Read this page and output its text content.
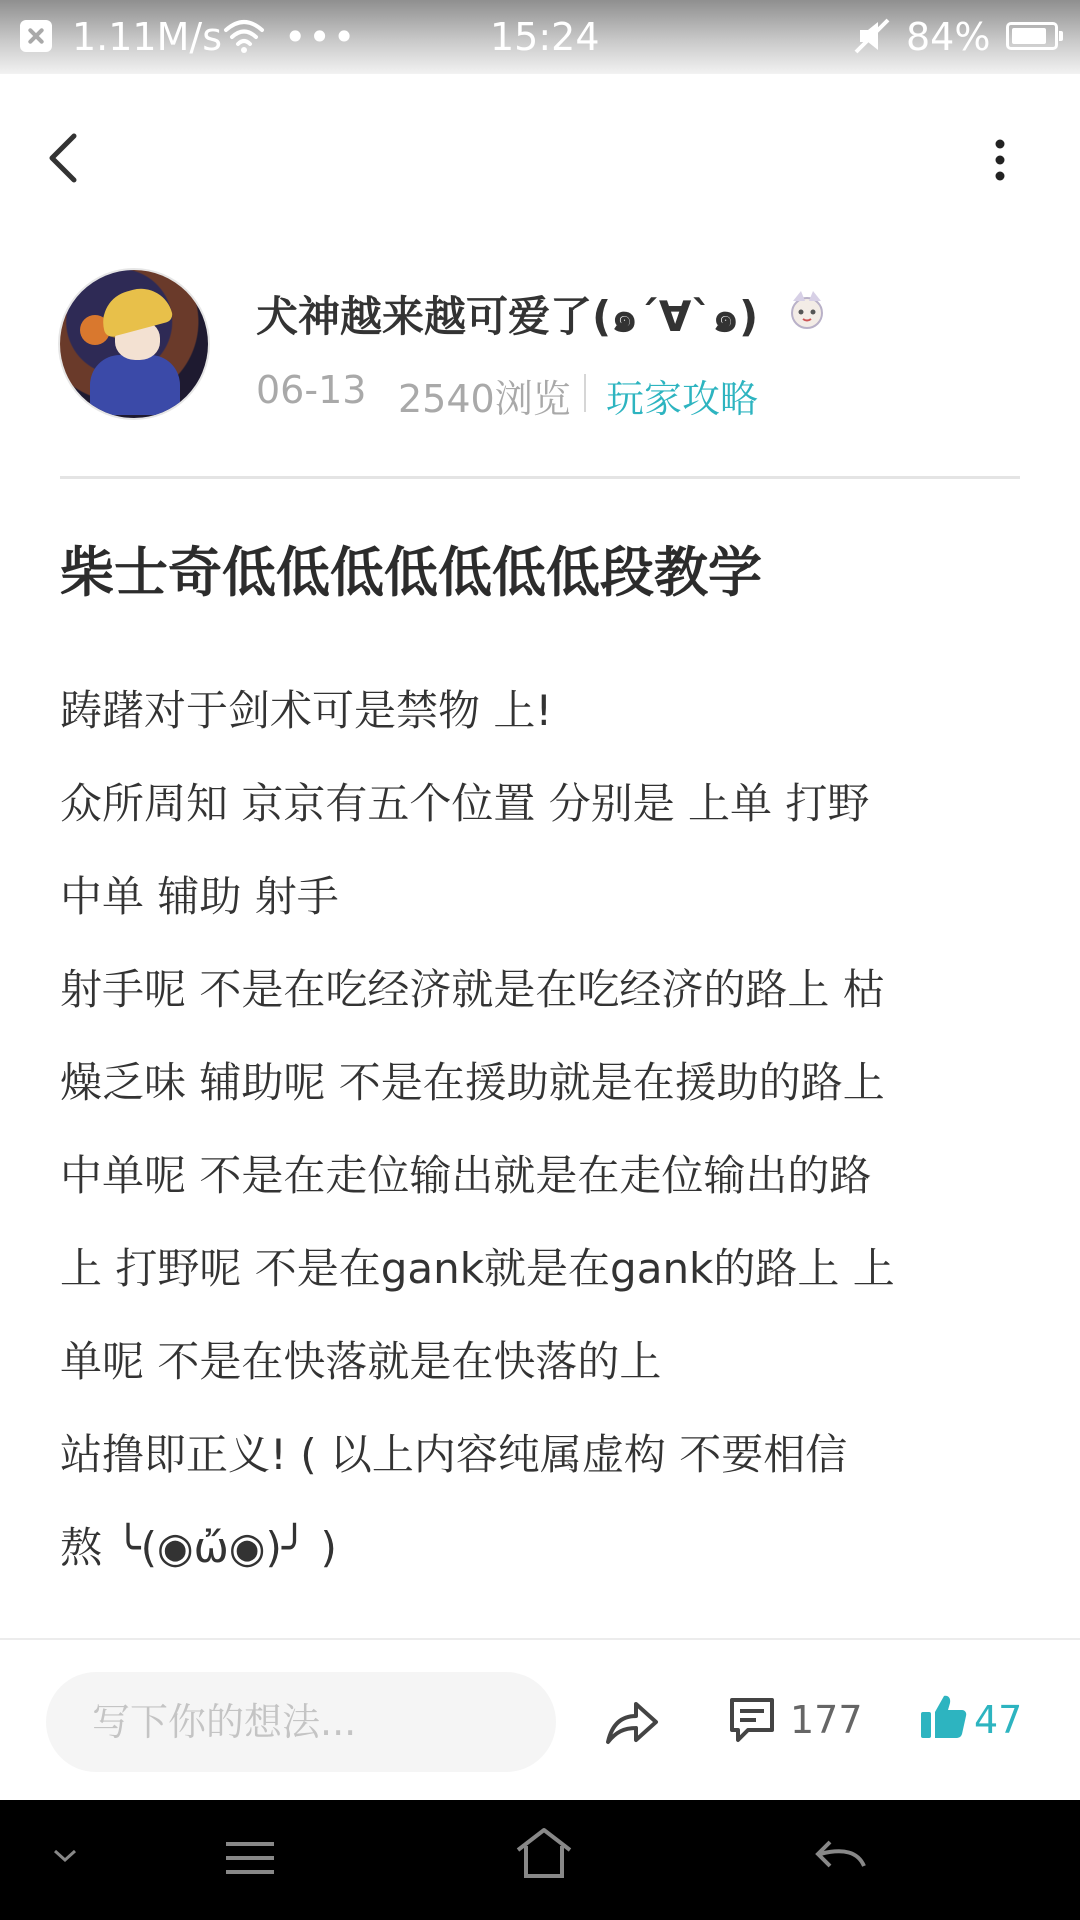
1.11M/s •••	15:24	84%
犬神越来越可爱了(๑´∀`๑)
06-13 2540浏览 玩家攻略
柴士奇低低低低低低低段教学
踌躇对于剑术可是禁物 上!
众所周知 京京有五个位置 分别是 上单 打野
中单 辅助 射手
射手呢 不是在吃经济就是在吃经济的路上 枯
燥乏味 辅助呢 不是在援助就是在援助的路上
中单呢 不是在走位输出就是在走位输出的路
上 打野呢 不是在gank就是在gank的路上 上
单呢 不是在快落就是在快落的上
站撸即正义! ( 以上内容纯属虚构 不要相信
熬 ╰(◉ὤ◉)╯ )
写下你的想法...
177	47
